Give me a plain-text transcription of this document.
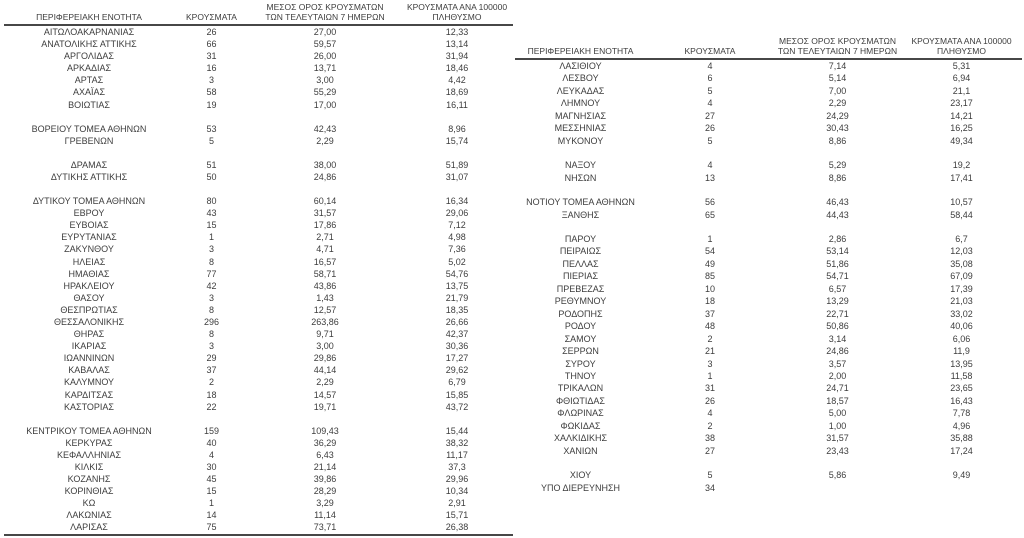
ΠΕΡΙΦΕΡΕΙΑΚΗ ΕΝΟΤΗΤΑ	ΚΡΟΥΣΜΑΤΑ	ΜΕΣΟΣ ΟΡΟΣ ΚΡΟΥΣΜΑΤΩΝ
ΤΩΝ ΤΕΛΕΥΤΑΙΩΝ 7 ΗΜΕΡΩΝ	ΚΡΟΥΣΜΑΤΑ ΑΝΑ 100000
ΠΛΗΘΥΣΜΟ
ΑΙΤΩΛΟΑΚΑΡΝΑΝΙΑΣ	26	27,00	12,33
ΑΝΑΤΟΛΙΚΗΣ ΑΤΤΙΚΗΣ	66	59,57	13,14
ΑΡΓΟΛΙΔΑΣ	31	26,00	31,94
ΑΡΚΑΔΙΑΣ	16	13,71	18,46
ΑΡΤΑΣ	3	3,00	4,42
ΑΧΑΪΑΣ	58	55,29	18,69
ΒΟΙΩΤΙΑΣ	19	17,00	16,11

ΒΟΡΕΙΟΥ ΤΟΜΕΑ ΑΘΗΝΩΝ	53	42,43	8,96
ΓΡΕΒΕΝΩΝ	5	2,29	15,74

ΔΡΑΜΑΣ	51	38,00	51,89
ΔΥΤΙΚΗΣ ΑΤΤΙΚΗΣ	50	24,86	31,07

ΔΥΤΙΚΟΥ ΤΟΜΕΑ ΑΘΗΝΩΝ	80	60,14	16,34
ΕΒΡΟΥ	43	31,57	29,06
ΕΥΒΟΙΑΣ	15	17,86	7,12
ΕΥΡΥΤΑΝΙΑΣ	1	2,71	4,98
ΖΑΚΥΝΘΟΥ	3	4,71	7,36
ΗΛΕΙΑΣ	8	16,57	5,02
ΗΜΑΘΙΑΣ	77	58,71	54,76
ΗΡΑΚΛΕΙΟΥ	42	43,86	13,75
ΘΑΣΟΥ	3	1,43	21,79
ΘΕΣΠΡΩΤΙΑΣ	8	12,57	18,35
ΘΕΣΣΑΛΟΝΙΚΗΣ	296	263,86	26,66
ΘΗΡΑΣ	8	9,71	42,37
ΙΚΑΡΙΑΣ	3	3,00	30,36
ΙΩΑΝΝΙΝΩΝ	29	29,86	17,27
ΚΑΒΑΛΑΣ	37	44,14	29,62
ΚΑΛΥΜΝΟΥ	2	2,29	6,79
ΚΑΡΔΙΤΣΑΣ	18	14,57	15,85
ΚΑΣΤΟΡΙΑΣ	22	19,71	43,72

ΚΕΝΤΡΙΚΟΥ ΤΟΜΕΑ ΑΘΗΝΩΝ	159	109,43	15,44
ΚΕΡΚΥΡΑΣ	40	36,29	38,32
ΚΕΦΑΛΛΗΝΙΑΣ	4	6,43	11,17
ΚΙΛΚΙΣ	30	21,14	37,3
ΚΟΖΑΝΗΣ	45	39,86	29,96
ΚΟΡΙΝΘΙΑΣ	15	28,29	10,34
ΚΩ	1	3,29	2,91
ΛΑΚΩΝΙΑΣ	14	11,14	15,71
ΛΑΡΙΣΑΣ	75	73,71	26,38
ΠΕΡΙΦΕΡΕΙΑΚΗ ΕΝΟΤΗΤΑ	ΚΡΟΥΣΜΑΤΑ	ΜΕΣΟΣ ΟΡΟΣ ΚΡΟΥΣΜΑΤΩΝ
ΤΩΝ ΤΕΛΕΥΤΑΙΩΝ 7 ΗΜΕΡΩΝ	ΚΡΟΥΣΜΑΤΑ ΑΝΑ 100000
ΠΛΗΘΥΣΜΟ
ΛΑΣΙΘΙΟΥ	4	7,14	5,31
ΛΕΣΒΟΥ	6	5,14	6,94
ΛΕΥΚΑΔΑΣ	5	7,00	21,1
ΛΗΜΝΟΥ	4	2,29	23,17
ΜΑΓΝΗΣΙΑΣ	27	24,29	14,21
ΜΕΣΣΗΝΙΑΣ	26	30,43	16,25
ΜΥΚΟΝΟΥ	5	8,86	49,34

ΝΑΞΟΥ	4	5,29	19,2
ΝΗΣΩΝ	13	8,86	17,41

ΝΟΤΙΟΥ ΤΟΜΕΑ ΑΘΗΝΩΝ	56	46,43	10,57
ΞΑΝΘΗΣ	65	44,43	58,44

ΠΑΡΟΥ	1	2,86	6,7
ΠΕΙΡΑΙΩΣ	54	53,14	12,03
ΠΕΛΛΑΣ	49	51,86	35,08
ΠΙΕΡΙΑΣ	85	54,71	67,09
ΠΡΕΒΕΖΑΣ	10	6,57	17,39
ΡΕΘΥΜΝΟΥ	18	13,29	21,03
ΡΟΔΟΠΗΣ	37	22,71	33,02
ΡΟΔΟΥ	48	50,86	40,06
ΣΑΜΟΥ	2	3,14	6,06
ΣΕΡΡΩΝ	21	24,86	11,9
ΣΥΡΟΥ	3	3,57	13,95
ΤΗΝΟΥ	1	2,00	11,58
ΤΡΙΚΑΛΩΝ	31	24,71	23,65
ΦΘΙΩΤΙΔΑΣ	26	18,57	16,43
ΦΛΩΡΙΝΑΣ	4	5,00	7,78
ΦΩΚΙΔΑΣ	2	1,00	4,96
ΧΑΛΚΙΔΙΚΗΣ	38	31,57	35,88
ΧΑΝΙΩΝ	27	23,43	17,24

ΧΙΟΥ	5	5,86	9,49
ΥΠΟ ΔΙΕΡΕΥΝΗΣΗ	34		
